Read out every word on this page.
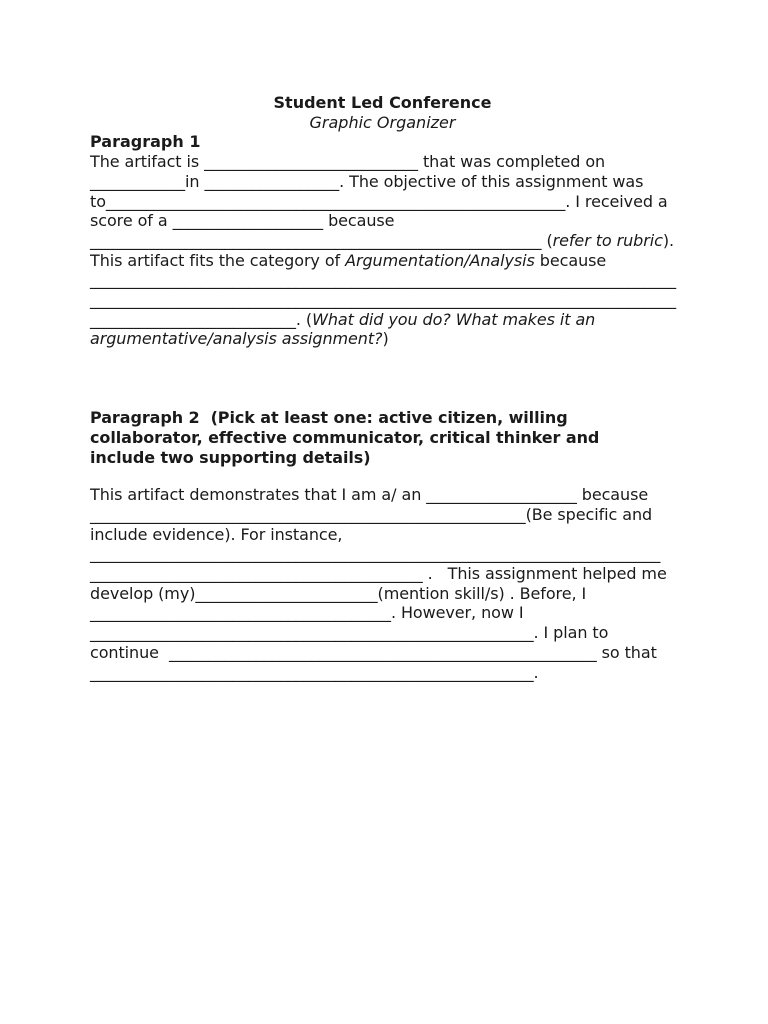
Student Led Conference

Graphic Organizer

Paragraph 1

The artifact is ___________________________ that was completed on
____________in _________________. The objective of this assignment was
to__________________________________________________________. I received a
score of a ___________________ because
_________________________________________________________ (refer to rubric).
This artifact fits the category of Argumentation/Analysis because
__________________________________________________________________________
__________________________________________________________________________
__________________________. (What did you do? What makes it an
argumentative/analysis assignment?)
Paragraph 2  (Pick at least one: active citizen, willing
collaborator, effective communicator, critical thinker and
include two supporting details)
This artifact demonstrates that I am a/ an ___________________ because
_______________________________________________________(Be specific and
include evidence). For instance,
________________________________________________________________________
__________________________________________ .   This assignment helped me
develop (my)_______________________(mention skill/s) . Before, I
______________________________________. However, now I
________________________________________________________. I plan to
continue  ______________________________________________________ so that
________________________________________________________.
